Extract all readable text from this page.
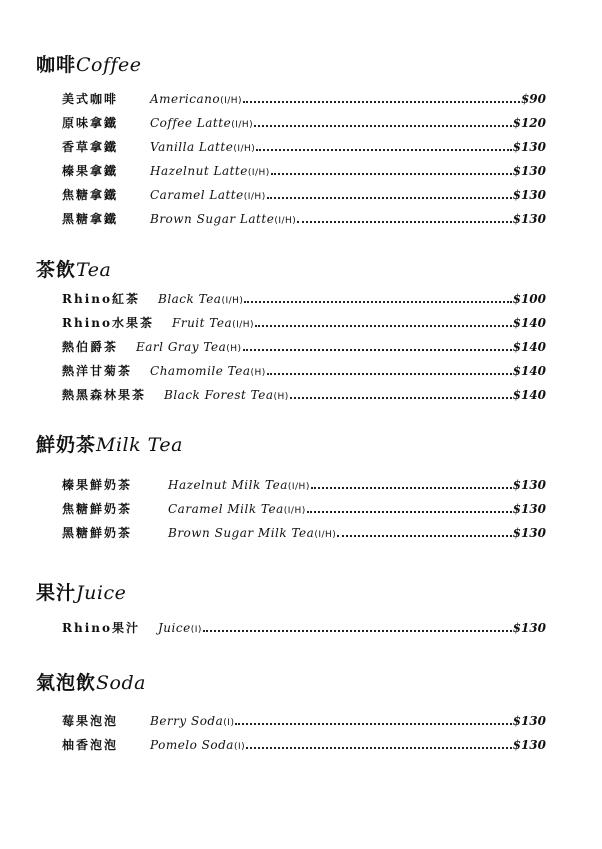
咖啡Coffee
美式咖啡	Americano(I/H)	$90
原味拿鐵	Coffee Latte(I/H)	$120
香草拿鐵	Vanilla Latte(I/H)	$130
榛果拿鐵	Hazelnut Latte(I/H)	$130
焦糖拿鐵	Caramel Latte(I/H)	$130
黑糖拿鐵	Brown Sugar Latte(I/H)	$130
茶飲Tea
Rhino紅茶 Black Tea(I/H)	$100
Rhino水果茶 Fruit Tea(I/H)	$140
熱伯爵茶 Earl Gray Tea(H)	$140
熱洋甘菊茶 Chamomile Tea(H)	$140
熱黑森林果茶 Black Forest Tea(H)	$140
鮮奶茶Milk Tea
榛果鮮奶茶	Hazelnut Milk Tea(I/H)	$130
焦糖鮮奶茶	Caramel Milk Tea(I/H)	$130
黑糖鮮奶茶	Brown Sugar Milk Tea(I/H)	$130
果汁Juice
Rhino果汁 Juice(I)	$130
氣泡飲Soda
莓果泡泡	Berry Soda(I)	$130
柚香泡泡	Pomelo Soda(I)	$130
